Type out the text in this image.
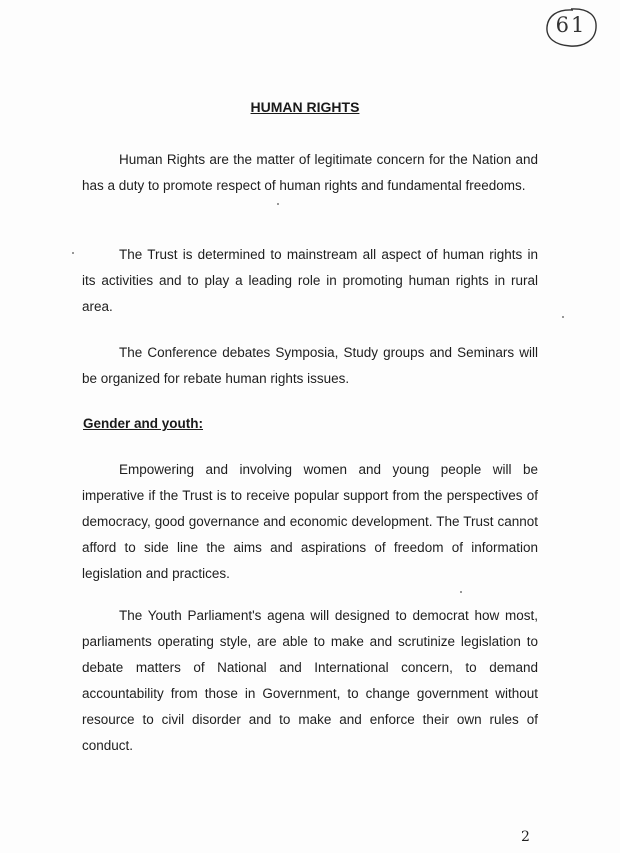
61
HUMAN RIGHTS

Human Rights are the matter of legitimate concern for the Nation and has a duty to promote respect of human rights and fundamental freedoms.

The Trust is determined to mainstream all aspect of human rights in its activities and to play a leading role in promoting human rights in rural area.

The Conference debates Symposia, Study groups and Seminars will be organized for rebate human rights issues.

Gender and youth:

Empowering and involving women and young people will be imperative if the Trust is to receive popular support from the perspectives of democracy, good governance and economic development. The Trust cannot afford to side line the aims and aspirations of freedom of information legislation and practices.

The Youth Parliament's agena will designed to democrat how most, parliaments operating style, are able to make and scrutinize legislation to debate matters of National and International concern, to demand accountability from those in Government, to change government without resource to civil disorder and to make and enforce their own rules of conduct.

2
